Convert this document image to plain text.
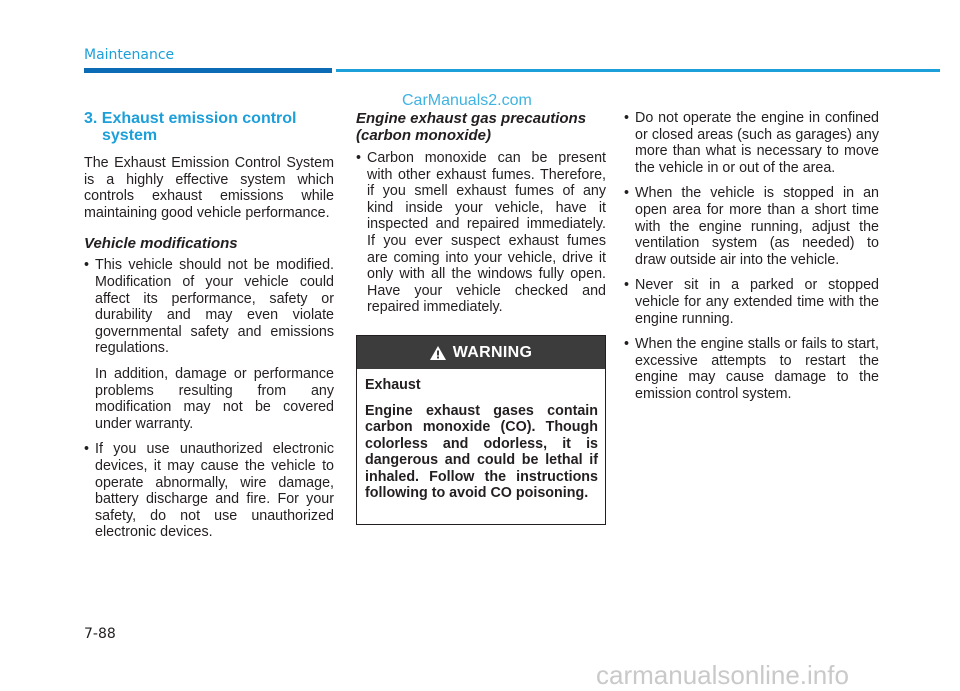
Maintenance
CarManuals2.com
3. Exhaust emission control system

The Exhaust Emission Control System is a highly effective system which controls exhaust emissions while maintaining good vehicle performance.

Vehicle modifications
• This vehicle should not be modified. Modification of your vehicle could affect its performance, safety or durability and may even violate governmental safety and emissions regulations.
In addition, damage or performance problems resulting from any modification may not be covered under warranty.
• If you use unauthorized electronic devices, it may cause the vehicle to operate abnormally, wire damage, battery discharge and fire. For your safety, do not use unauthorized electronic devices.
Engine exhaust gas precautions (carbon monoxide)
• Carbon monoxide can be present with other exhaust fumes. Therefore, if you smell exhaust fumes of any kind inside your vehicle, have it inspected and repaired immediately. If you ever suspect exhaust fumes are coming into your vehicle, drive it only with all the windows fully open. Have your vehicle checked and repaired immediately.
WARNING
Exhaust

Engine exhaust gases contain carbon monoxide (CO). Though colorless and odorless, it is dangerous and could be lethal if inhaled. Follow the instructions following to avoid CO poisoning.

• Do not operate the engine in confined or closed areas (such as garages) any more than what is necessary to move the vehicle in or out of the area.
• When the vehicle is stopped in an open area for more than a short time with the engine running, adjust the ventilation system (as needed) to draw outside air into the vehicle.
• Never sit in a parked or stopped vehicle for any extended time with the engine running.
• When the engine stalls or fails to start, excessive attempts to restart the engine may cause damage to the emission control system.
7-88
carmanualsonline.info
